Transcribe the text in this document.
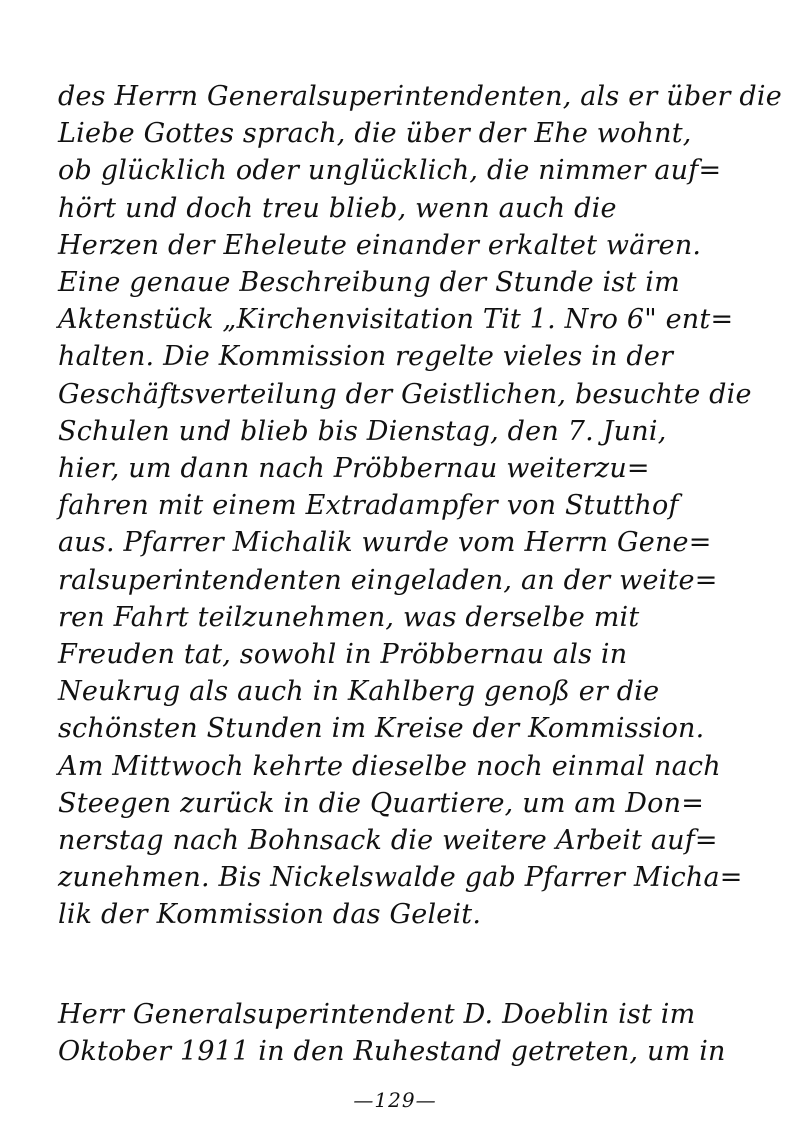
des Herrn Generalsuperintendenten, als er über die
Liebe Gottes sprach, die über der Ehe wohnt,
ob glücklich oder unglücklich, die nimmer auf=
hört und doch treu blieb, wenn auch die
Herzen der Eheleute einander erkaltet wären.
Eine genaue Beschreibung der Stunde ist im
Aktenstück „Kirchenvisitation Tit 1. Nro 6" ent=
halten. Die Kommission regelte vieles in der
Geschäftsverteilung der Geistlichen, besuchte die
Schulen und blieb bis Dienstag, den 7. Juni,
hier, um dann nach Pröbbernau weiterzu=
fahren mit einem Extradampfer von Stutthof
aus. Pfarrer Michalik wurde vom Herrn Gene=
ralsuperintendenten eingeladen, an der weite=
ren Fahrt teilzunehmen, was derselbe mit
Freuden tat, sowohl in Pröbbernau als in
Neukrug als auch in Kahlberg genoß er die
schönsten Stunden im Kreise der Kommission.
Am Mittwoch kehrte dieselbe noch einmal nach
Steegen zurück in die Quartiere, um am Don=
nerstag nach Bohnsack die weitere Arbeit auf=
zunehmen. Bis Nickelswalde gab Pfarrer Micha=
lik der Kommission das Geleit.
Herr Generalsuperintendent D. Doeblin ist im
Oktober 1911 in den Ruhestand getreten, um in
—129—
